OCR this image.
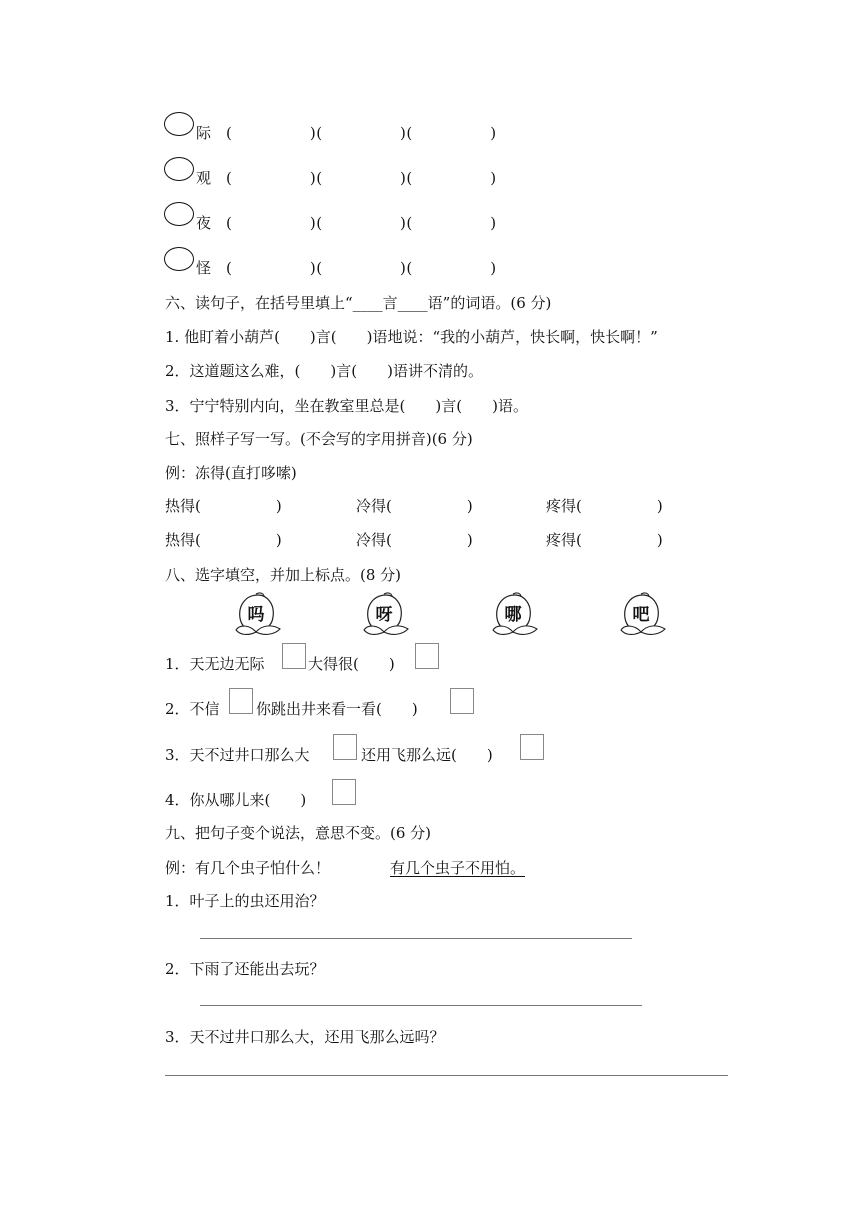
际 (　　　　　)(　　　　　)(　　　　　)
观 (　　　　　)(　　　　　)(　　　　　)
夜 (　　　　　)(　　　　　)(　　　　　)
怪 (　　　　　)(　　　　　)(　　　　　)
六、读句子，在括号里填上“____言____语”的词语。(6 分)
1. 他盯着小葫芦(　　)言(　　)语地说：“我的小葫芦，快长啊，快长啊！”
2．这道题这么难，(　　)言(　　)语讲不清的。
3．宁宁特别内向，坐在教室里总是(　　)言(　　)语。
七、照样子写一写。(不会写的字用拼音)(6 分)
例：冻得(直打哆嗦)
热得(　　　　　)	冷得(　　　　　)	疼得(　　　　　)
热得(　　　　　)	冷得(　　　　　)	疼得(　　　　　)
八、选字填空，并加上标点。(8 分)
吗	呀	哪	吧
1．天无边无际	大得很(　　)
2．不信 你跳出井来看一看(　　)
3．天不过井口那么大	还用飞那么远(　　)
4．你从哪儿来(　　)
九、把句子变个说法，意思不变。(6 分)
例：有几个虫子怕什么！	有几个虫子不用怕。
1．叶子上的虫还用治？
2．下雨了还能出去玩？
3．天不过井口那么大，还用飞那么远吗？
